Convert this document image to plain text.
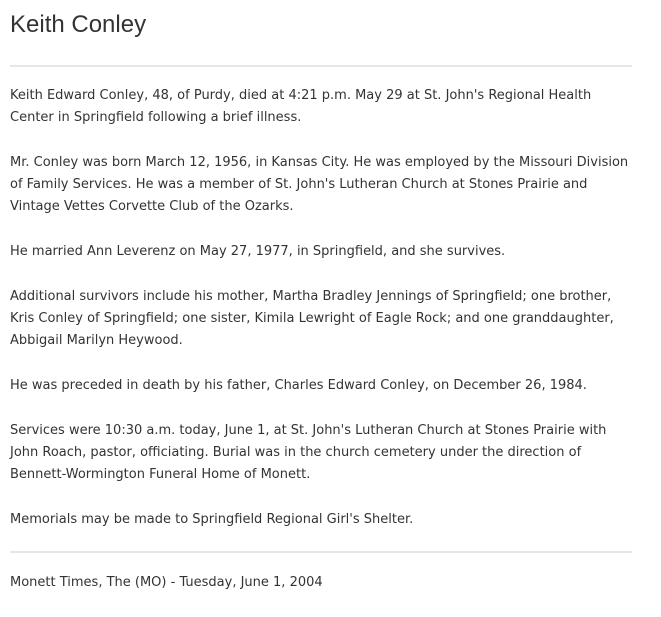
Keith Conley

Keith Edward Conley, 48, of Purdy, died at 4:21 p.m. May 29 at St. John's Regional Health Center in Springfield following a brief illness.

Mr. Conley was born March 12, 1956, in Kansas City. He was employed by the Missouri Division of Family Services. He was a member of St. John's Lutheran Church at Stones Prairie and Vintage Vettes Corvette Club of the Ozarks.

He married Ann Leverenz on May 27, 1977, in Springfield, and she survives.

Additional survivors include his mother, Martha Bradley Jennings of Springfield; one brother, Kris Conley of Springfield; one sister, Kimila Lewright of Eagle Rock; and one granddaughter, Abbigail Marilyn Heywood.

He was preceded in death by his father, Charles Edward Conley, on December 26, 1984.

Services were 10:30 a.m. today, June 1, at St. John's Lutheran Church at Stones Prairie with John Roach, pastor, officiating. Burial was in the church cemetery under the direction of Bennett-Wormington Funeral Home of Monett.

Memorials may be made to Springfield Regional Girl's Shelter.

Monett Times, The (MO) - Tuesday, June 1, 2004
